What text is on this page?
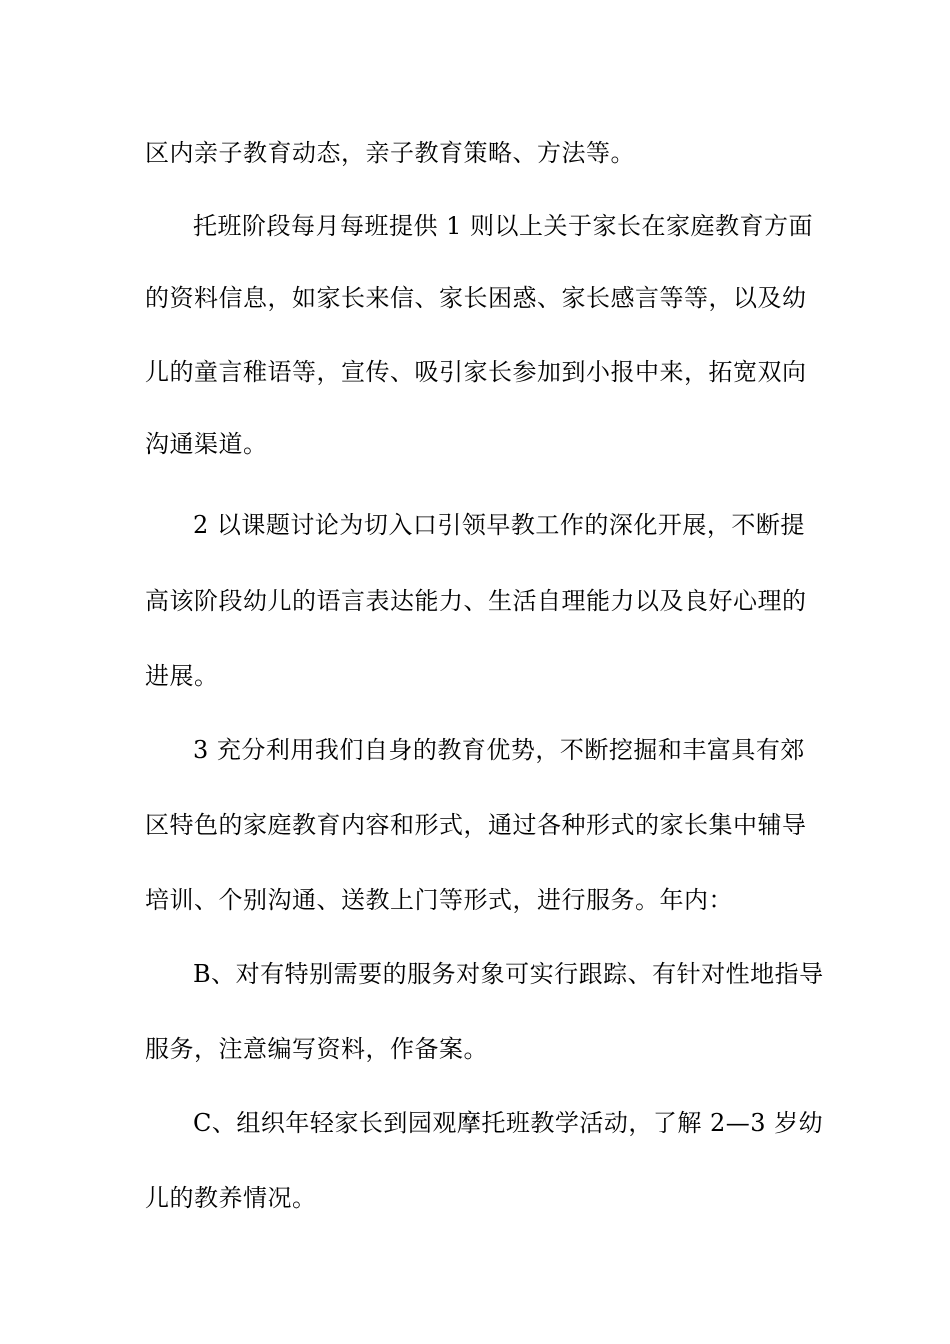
区内亲子教育动态，亲子教育策略、方法等。
托班阶段每月每班提供 1 则以上关于家长在家庭教育方面
的资料信息，如家长来信、家长困惑、家长感言等等，以及幼
儿的童言稚语等，宣传、吸引家长参加到小报中来，拓宽双向
沟通渠道。
2 以课题讨论为切入口引领早教工作的深化开展，不断提
高该阶段幼儿的语言表达能力、生活自理能力以及良好心理的
进展。
3 充分利用我们自身的教育优势，不断挖掘和丰富具有郊
区特色的家庭教育内容和形式，通过各种形式的家长集中辅导
培训、个别沟通、送教上门等形式，进行服务。年内：
B、对有特别需要的服务对象可实行跟踪、有针对性地指导
服务，注意编写资料，作备案。
C、组织年轻家长到园观摩托班教学活动，了解 2—3 岁幼
儿的教养情况。
